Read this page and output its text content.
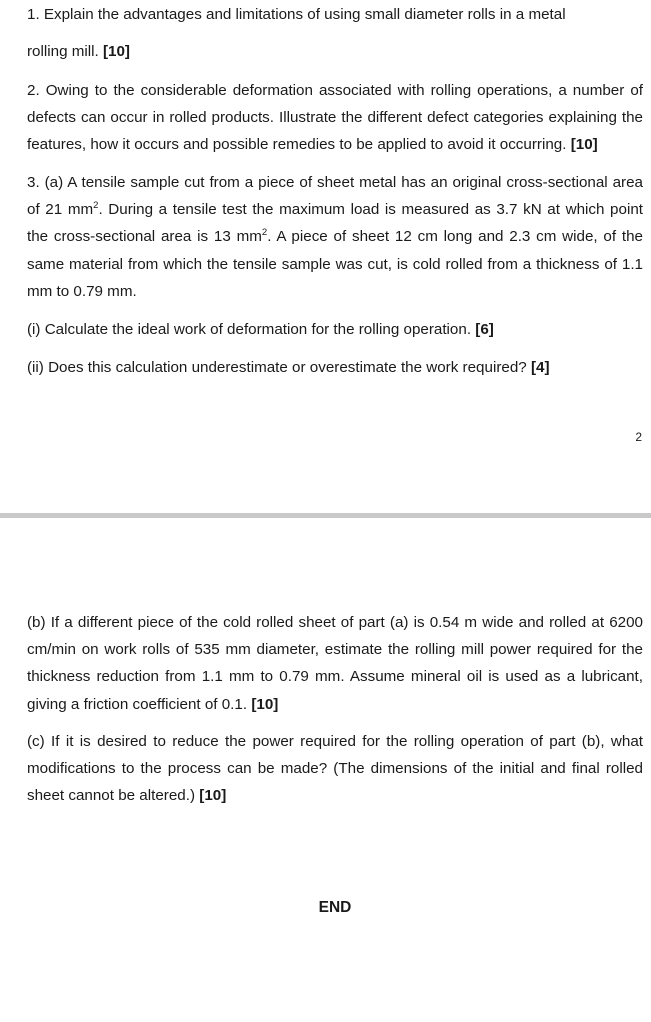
1. Explain the advantages and limitations of using small diameter rolls in a metal
rolling mill. [10]
2. Owing to the considerable deformation associated with rolling operations, a number of defects can occur in rolled products. Illustrate the different defect categories explaining the features, how it occurs and possible remedies to be applied to avoid it occurring. [10]
3. (a) A tensile sample cut from a piece of sheet metal has an original cross-sectional area of 21 $mm^2$. During a tensile test the maximum load is measured as 3.7 kN at which point the cross-sectional area is 13 $mm^2$. A piece of sheet 12 cm long and 2.3 cm wide, of the same material from which the tensile sample was cut, is cold rolled from a thickness of 1.1 mm to 0.79 mm.
(i) Calculate the ideal work of deformation for the rolling operation. [6]
(ii) Does this calculation underestimate or overestimate the work required? [4]
2
(b) If a different piece of the cold rolled sheet of part (a) is 0.54 m wide and rolled at 6200 cm/min on work rolls of 535 mm diameter, estimate the rolling mill power required for the thickness reduction from 1.1 mm to 0.79 mm. Assume mineral oil is used as a lubricant, giving a friction coefficient of 0.1. [10]
(c) If it is desired to reduce the power required for the rolling operation of part (b), what modifications to the process can be made? (The dimensions of the initial and final rolled sheet cannot be altered.) [10]
END
